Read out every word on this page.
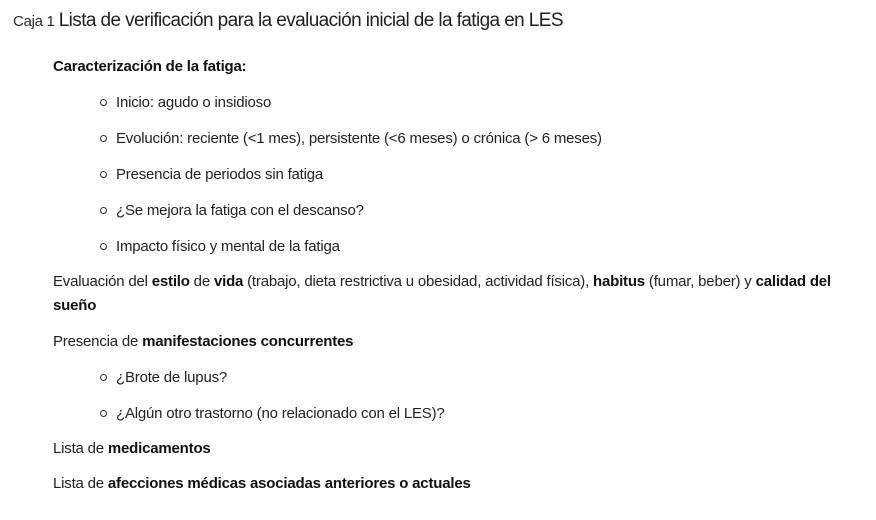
Caja 1 Lista de verificación para la evaluación inicial de la fatiga en LES
Caracterización de la fatiga:
Inicio: agudo o insidioso
Evolución: reciente (<1 mes), persistente (<6 meses) o crónica (> 6 meses)
Presencia de periodos sin fatiga
¿Se mejora la fatiga con el descanso?
Impacto físico y mental de la fatiga
Evaluación del estilo de vida (trabajo, dieta restrictiva u obesidad, actividad física), habitus (fumar, beber) y calidad del sueño
Presencia de manifestaciones concurrentes
¿Brote de lupus?
¿Algún otro trastorno (no relacionado con el LES)?
Lista de medicamentos
Lista de afecciones médicas asociadas anteriores o actuales
